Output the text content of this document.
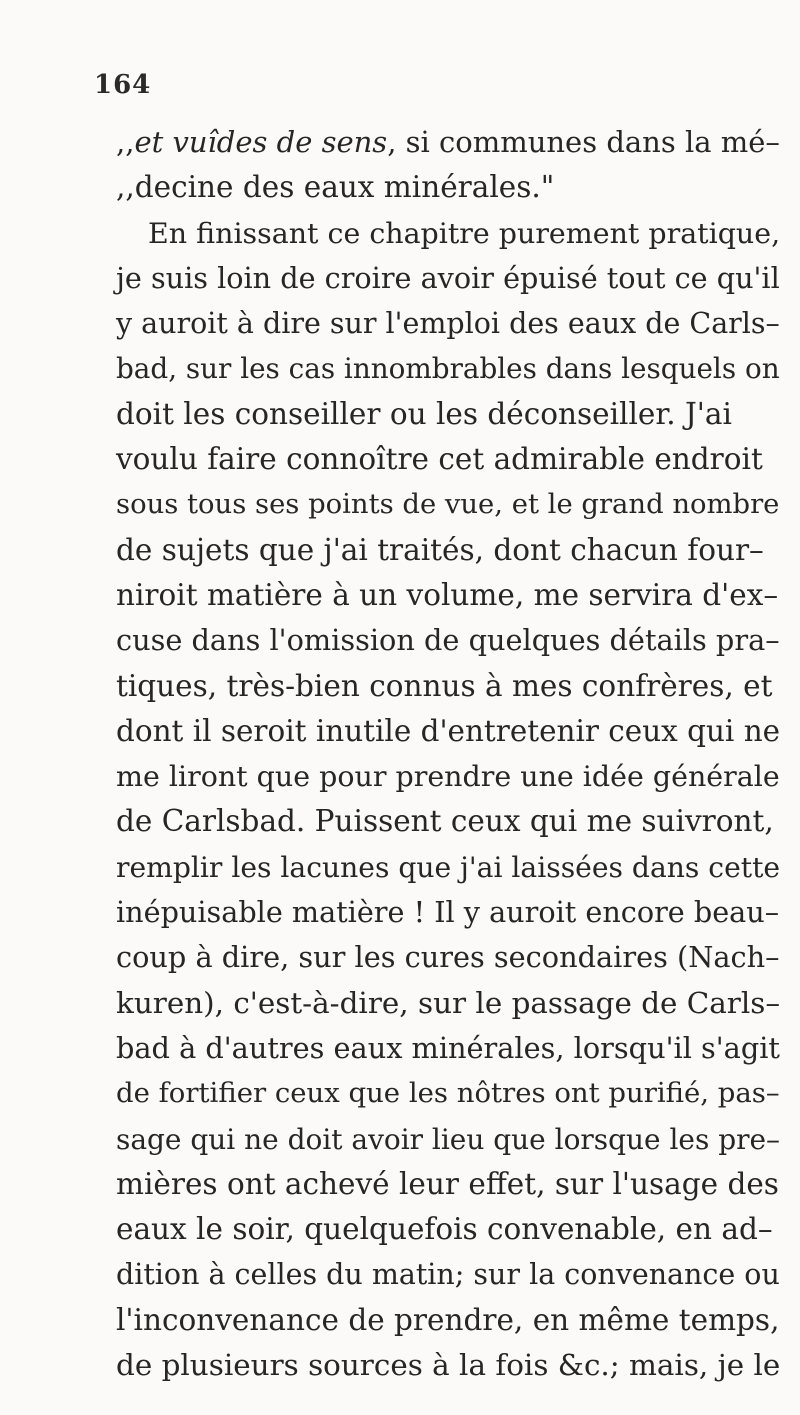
164
,,et vuîdes de sens, si communes dans la mé–
,,decine des eaux minérales."
En finissant ce chapitre purement pratique,
je suis loin de croire avoir épuisé tout ce qu'il
y auroit à dire sur l'emploi des eaux de Carls–
bad, sur les cas innombrables dans lesquels on
doit les conseiller ou les déconseiller. J'ai
voulu faire connoître cet admirable endroit
sous tous ses points de vue, et le grand nombre
de sujets que j'ai traités, dont chacun four–
niroit matière à un volume, me servira d'ex–
cuse dans l'omission de quelques détails pra–
tiques, très-bien connus à mes confrères, et
dont il seroit inutile d'entretenir ceux qui ne
me liront que pour prendre une idée générale
de Carlsbad. Puissent ceux qui me suivront,
remplir les lacunes que j'ai laissées dans cette
inépuisable matière ! Il y auroit encore beau–
coup à dire, sur les cures secondaires (Nach–
kuren), c'est-à-dire, sur le passage de Carls–
bad à d'autres eaux minérales, lorsqu'il s'agit
de fortifier ceux que les nôtres ont purifié, pas–
sage qui ne doit avoir lieu que lorsque les pre–
mières ont achevé leur effet, sur l'usage des
eaux le soir, quelquefois convenable, en ad–
dition à celles du matin; sur la convenance ou
l'inconvenance de prendre, en même temps,
de plusieurs sources à la fois &c.; mais, je le
